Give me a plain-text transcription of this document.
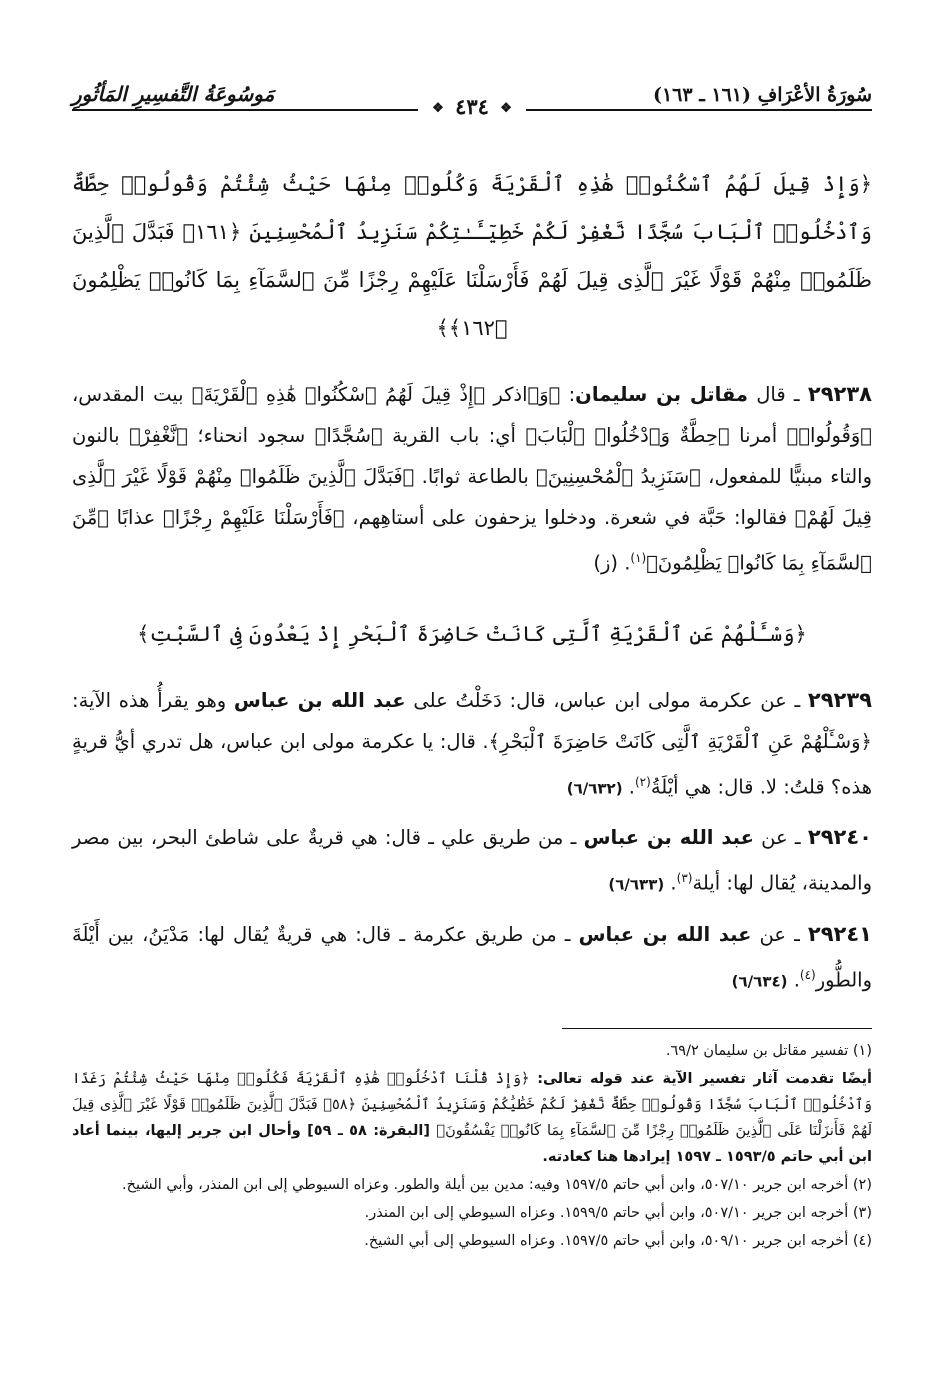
مَوسُوعَةُ التَّفسِيرِ المَأثُورِ	سُورَةُ الأعْرَافِ (١٦١ ـ ١٦٣)
❖ ٤٣٤ ❖

﴿وَإِذْ قِيلَ لَهُمُ ٱسْكُنُوا۟ هَٰذِهِ ٱلْقَرْيَةَ وَكُلُوا۟ مِنْهَا حَيْثُ شِئْتُمْ وَقُولُوا۟ حِطَّةٌ وَٱدْخُلُوا۟ ٱلْبَابَ سُجَّدًا نَّغْفِرْ لَكُمْ خَطِيٓـَٔـٰتِكُمْ سَنَزِيدُ ٱلْمُحْسِنِينَ ﴿١٦١﴾ فَبَدَّلَ ٱلَّذِينَ ظَلَمُوا۟ مِنْهُمْ قَوْلًا غَيْرَ ٱلَّذِى قِيلَ لَهُمْ فَأَرْسَلْنَا عَلَيْهِمْ رِجْزًا مِّنَ ٱلسَّمَآءِ بِمَا كَانُوا۟ يَظْلِمُونَ ﴿١٦٢﴾﴾

٢٩٢٣٨ ـ قال مقاتل بن سليمان: ﴿وَ﴾اذكر ﴿إِذْ قِيلَ لَهُمُ ٱسْكُنُوا۟ هَٰذِهِ ٱلْقَرْيَةَ﴾ بيت المقدس، ﴿وَقُولُوا۟﴾ أمرنا ﴿حِطَّةٌ وَٱدْخُلُوا۟ ٱلْبَابَ﴾ أي: باب القرية ﴿سُجَّدًا﴾ سجود انحناء؛ ﴿نَّغْفِرْ﴾ بالنون والتاء مبنيًّا للمفعول، ﴿سَنَزِيدُ ٱلْمُحْسِنِينَ﴾ بالطاعة ثوابًا. ﴿فَبَدَّلَ ٱلَّذِينَ ظَلَمُوا۟ مِنْهُمْ قَوْلًا غَيْرَ ٱلَّذِى قِيلَ لَهُمْ﴾ فقالوا: حَبَّة في شعرة. ودخلوا يزحفون على أستاهِهم، ﴿فَأَرْسَلْنَا عَلَيْهِمْ رِجْزًا﴾ عذابًا ﴿مِّنَ ٱلسَّمَآءِ بِمَا كَانُوا۟ يَظْلِمُونَ﴾$^{(١)}$. (ز)

﴿وَسْـَٔلْهُمْ عَنِ ٱلْقَرْيَةِ ٱلَّتِى كَانَتْ حَاضِرَةَ ٱلْبَحْرِ إِذْ يَعْدُونَ فِى ٱلسَّبْتِ﴾

٢٩٢٣٩ ـ عن عكرمة مولى ابن عباس، قال: دَخَلْتُ على عبد الله بن عباس وهو يقرأُ هذه الآية: ﴿وَسْـَٔلْهُمْ عَنِ ٱلْقَرْيَةِ ٱلَّتِى كَانَتْ حَاضِرَةَ ٱلْبَحْرِ﴾. قال: يا عكرمة مولى ابن عباس، هل تدري أيُّ قريةٍ هذه؟ قلتُ: لا. قال: هي أيْلَةُ$^{(٢)}$. (٦/٦٣٢)

٢٩٢٤٠ ـ عن عبد الله بن عباس ـ من طريق علي ـ قال: هي قريةٌ على شاطئ البحر، بين مصر والمدينة، يُقال لها: أيلة$^{(٣)}$. (٦/٦٣٣)

٢٩٢٤١ ـ عن عبد الله بن عباس ـ من طريق عكرمة ـ قال: هي قريةٌ يُقال لها: مَدْيَنُ، بين أَيْلَةَ والطُّور$^{(٤)}$. (٦/٦٣٤)

(١) تفسير مقاتل بن سليمان ٦٩/٢.

أيضًا تقدمت آثار تفسير الآية عند قوله تعالى: ﴿وَإِذْ قُلْنَا ٱدْخُلُوا۟ هَٰذِهِ ٱلْقَرْيَةَ فَكُلُوا۟ مِنْهَا حَيْثُ شِئْتُمْ رَغَدًا وَٱدْخُلُوا۟ ٱلْبَابَ سُجَّدًا وَقُولُوا۟ حِطَّةٌ نَّغْفِرْ لَكُمْ خَطَٰيَٰكُمْ وَسَنَزِيدُ ٱلْمُحْسِنِينَ ﴿٥٨﴾ فَبَدَّلَ ٱلَّذِينَ ظَلَمُوا۟ قَوْلًا غَيْرَ ٱلَّذِى قِيلَ لَهُمْ فَأَنزَلْنَا عَلَى ٱلَّذِينَ ظَلَمُوا۟ رِجْزًا مِّنَ ٱلسَّمَآءِ بِمَا كَانُوا۟ يَفْسُقُونَ﴾ [البقرة: ٥٨ ـ ٥٩] وأحال ابن جرير إليها، بينما أعاد ابن أبي حاتم ١٥٩٣/٥ ـ ١٥٩٧ إيرادها هنا كعادته.

(٢) أخرجه ابن جرير ٥٠٧/١٠، وابن أبي حاتم ١٥٩٧/٥ وفيه: مدين بين أيلة والطور. وعزاه السيوطي إلى ابن المنذر، وأبي الشيخ.

(٣) أخرجه ابن جرير ٥٠٧/١٠، وابن أبي حاتم ١٥٩٩/٥. وعزاه السيوطي إلى ابن المنذر.

(٤) أخرجه ابن جرير ٥٠٩/١٠، وابن أبي حاتم ١٥٩٧/٥. وعزاه السيوطي إلى أبي الشيخ.
